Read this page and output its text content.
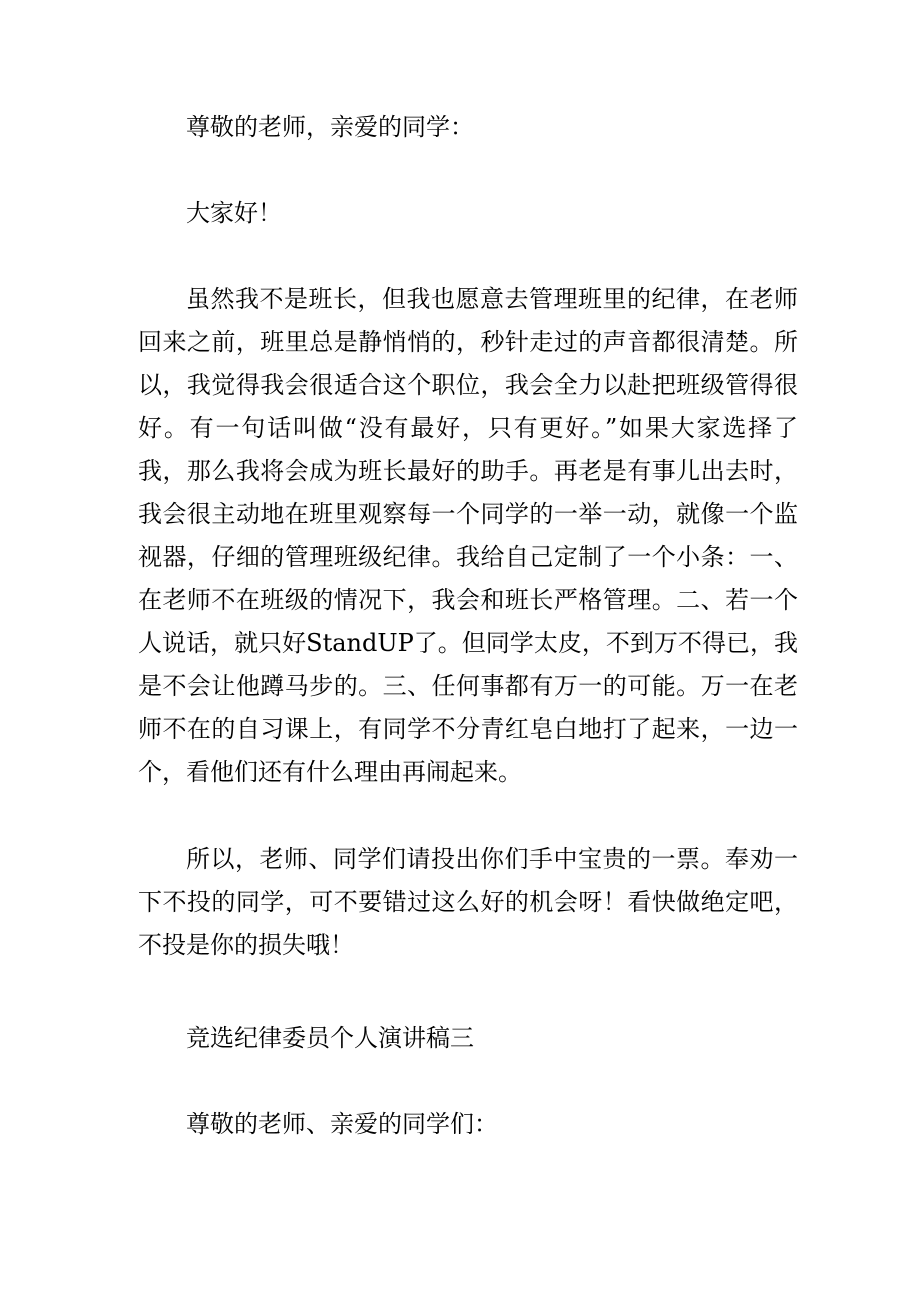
尊敬的老师，亲爱的同学：

大家好！

虽然我不是班长，但我也愿意去管理班里的纪律，在老师回来之前，班里总是静悄悄的，秒针走过的声音都很清楚。所以，我觉得我会很适合这个职位，我会全力以赴把班级管得很好。有一句话叫做“没有最好，只有更好。”如果大家选择了我，那么我将会成为班长最好的助手。再老是有事儿出去时，我会很主动地在班里观察每一个同学的一举一动，就像一个监视器，仔细的管理班级纪律。我给自己定制了一个小条：一、在老师不在班级的情况下，我会和班长严格管理。二、若一个人说话，就只好StandUP了。但同学太皮，不到万不得已，我是不会让他蹲马步的。三、任何事都有万一的可能。万一在老师不在的自习课上，有同学不分青红皂白地打了起来，一边一个，看他们还有什么理由再闹起来。

所以，老师、同学们请投出你们手中宝贵的一票。奉劝一下不投的同学，可不要错过这么好的机会呀！看快做绝定吧，不投是你的损失哦！

竞选纪律委员个人演讲稿三

尊敬的老师、亲爱的同学们：
